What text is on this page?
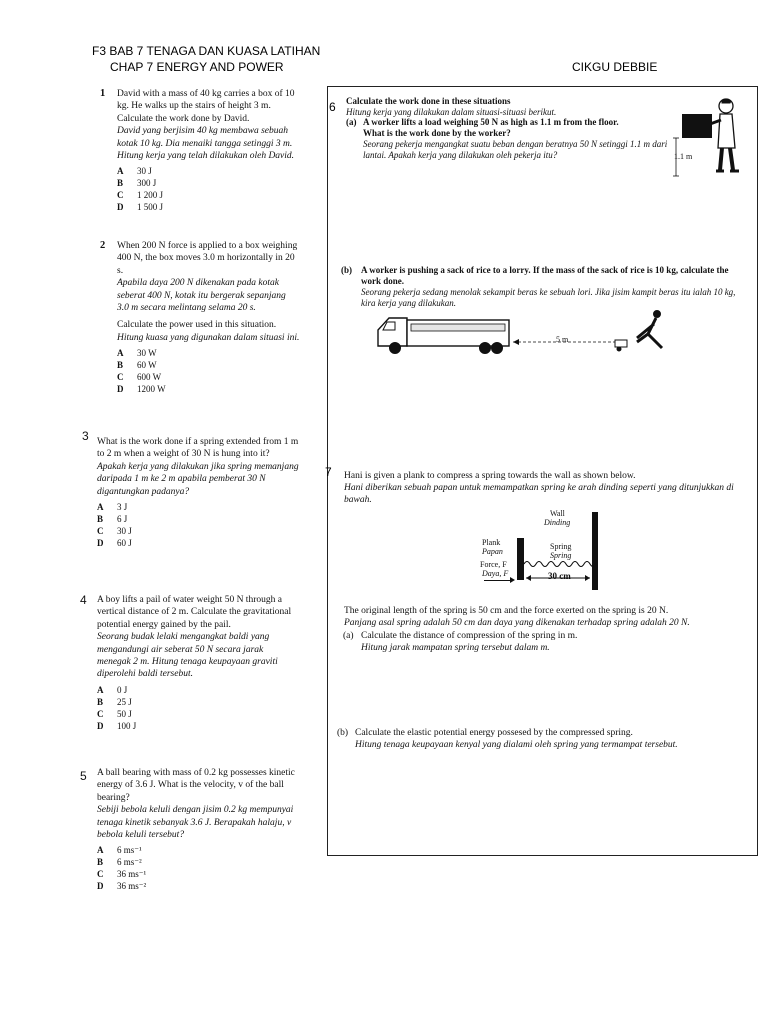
F3 BAB 7 TENAGA DAN KUASA LATIHAN
CHAP 7 ENERGY AND POWER	CIKGU DEBBIE
1 David with a mass of 40 kg carries a box of 10 kg. He walks up the stairs of height 3 m. Calculate the work done by David.

David yang berjisim 40 kg membawa sebuah kotak 10 kg. Dia menaiki tangga setinggi 3 m. Hitung kerja yang telah dilakukan oleh David.

A	30 J
B	300 J
C	1 200 J
D	1 500 J
2 When 200 N force is applied to a box weighing 400 N, the box moves 3.0 m horizontally in 20 s.

Apabila daya 200 N dikenakan pada kotak seberat 400 N, kotak itu bergerak sepanjang 3.0 m secara melintang selama 20 s.

Calculate the power used in this situation.

Hitung kuasa yang digunakan dalam situasi ini.

A	30 W
B	60 W
C	600 W
D	1200 W
3 What is the work done if a spring extended from 1 m to 2 m when a weight of 30 N is hung into it?

Apakah kerja yang dilakukan jika spring memanjang daripada 1 m ke 2 m apabila pemberat 30 N digantungkan padanya?

A	3 J
B	6 J
C	30 J
D	60 J
4 A boy lifts a pail of water weight 50 N through a vertical distance of 2 m. Calculate the gravitational potential energy gained by the pail.

Seorang budak lelaki mengangkat baldi yang mengandungi air seberat 50 N secara jarak menegak 2 m. Hitung tenaga keupayaan graviti diperolehi baldi tersebut.

A	0 J
B	25 J
C	50 J
D	100 J
5 A ball bearing with mass of 0.2 kg possesses kinetic energy of 3.6 J. What is the velocity, v of the ball bearing?

Sebiji bebola keluli dengan jisim 0.2 kg mempunyai tenaga kinetik sebanyak 3.6 J. Berapakah halaju, v bebola keluli tersebut?

A	6 ms⁻¹
B	6 ms⁻²
C	36 ms⁻¹
D	36 ms⁻²
6 Calculate the work done in these situations

Hitung kerja yang dilakukan dalam situasi-situasi berikut.

(a) A worker lifts a load weighing 50 N as high as 1.1 m from the floor.

What is the work done by the worker?

Seorang pekerja mengangkat suatu beban dengan beratnya 50 N setinggi 1.1 m dari lantai. Apakah kerja yang dilakukan oleh pekerja itu?	1.1 m
(b)	A worker is pushing a sack of rice to a lorry. If the mass of the sack of rice is 10 kg, calculate the work done.

Seorang pekerja sedang menolak sekampit beras ke sebuah lori. Jika jisim kampit beras itu ialah 10 kg, kira kerja yang dilakukan.

5 m
7 Hani is given a plank to compress a spring towards the wall as shown below.

Hani diberikan sebuah papan untuk memampatkan spring ke arah dinding seperti yang ditunjukkan di bawah.

Wall
Dinding
Plank
Papan
Spring
Spring
Force, F
Daya, F	30 cm

The original length of the spring is 50 cm and the force exerted on the spring is 20 N.

Panjang asal spring adalah 50 cm dan daya yang dikenakan terhadap spring adalah 20 N.

(a) Calculate the distance of compression of the spring in m.

Hitung jarak mampatan spring tersebut dalam m.

(b) Calculate the elastic potential energy possesed by the compressed spring.

Hitung tenaga keupayaan kenyal yang dialami oleh spring yang termampat tersebut.
